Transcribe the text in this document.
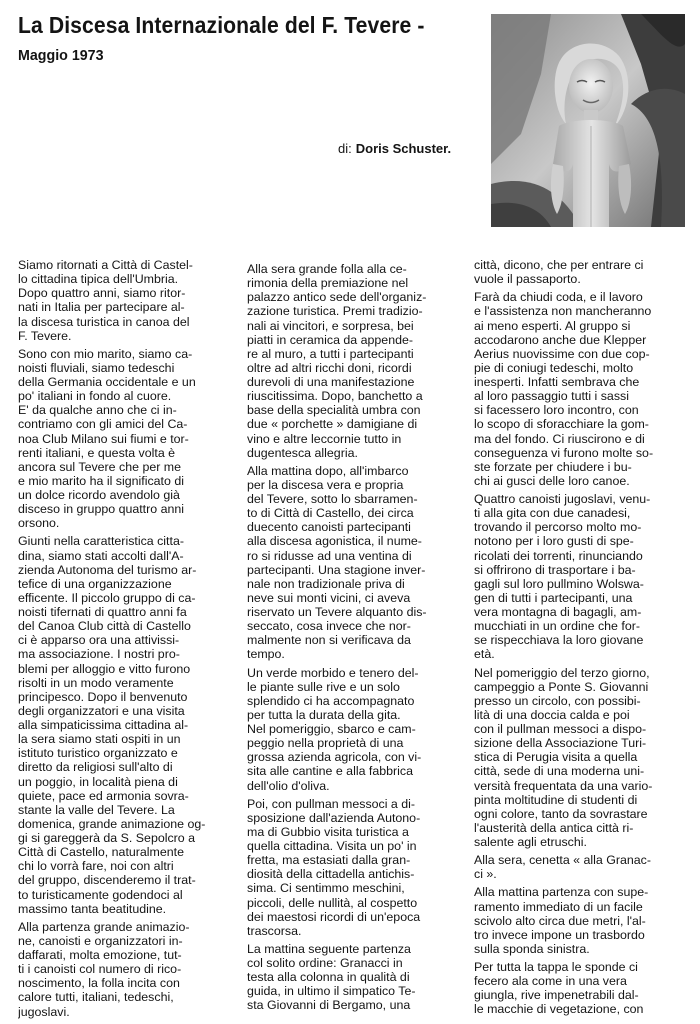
La Discesa Internazionale del F. Tevere -
Maggio 1973
di: Doris Schuster.
Siamo ritornati a Città di Castel-
lo cittadina tipica dell'Umbria.
Dopo quattro anni, siamo ritor-
nati in Italia per partecipare al-
la discesa turistica in canoa del
F. Tevere.
Sono con mio marito, siamo ca-
noisti fluviali, siamo tedeschi
della Germania occidentale e un
po' italiani in fondo al cuore.
E' da qualche anno che ci in-
contriamo con gli amici del Ca-
noa Club Milano sui fiumi e tor-
renti italiani, e questa volta è
ancora sul Tevere che per me
e mio marito ha il significato di
un dolce ricordo avendolo già
disceso in gruppo quattro anni
orsono.
Giunti nella caratteristica citta-
dina, siamo stati accolti dall'A-
zienda Autonoma del turismo ar-
tefice di una organizzazione
efficente. Il piccolo gruppo di ca-
noisti tifernati di quattro anni fa
del Canoa Club città di Castello
ci è apparso ora una attivissi-
ma associazione. I nostri pro-
blemi per alloggio e vitto furono
risolti in un modo veramente
principesco. Dopo il benvenuto
degli organizzatori e una visita
alla simpaticissima cittadina al-
la sera siamo stati ospiti in un
istituto turistico organizzato e
diretto da religiosi sull'alto di
un poggio, in località piena di
quiete, pace ed armonia sovra-
stante la valle del Tevere. La
domenica, grande animazione og-
gi si gareggerà da S. Sepolcro a
Città di Castello, naturalmente
chi lo vorrà fare, noi con altri
del gruppo, discenderemo il trat-
to turisticamente godendoci al
massimo tanta beatitudine.
Alla partenza grande animazio-
ne, canoisti e organizzatori in-
daffarati, molta emozione, tut-
ti i canoisti col numero di rico-
noscimento, la folla incita con
calore tutti, italiani, tedeschi,
jugoslavi.
Alla sera grande folla alla ce-
rimonia della premiazione nel
palazzo antico sede dell'organiz-
zazione turistica. Premi tradizio-
nali ai vincitori, e sorpresa, bei
piatti in ceramica da appende-
re al muro, a tutti i partecipanti
oltre ad altri ricchi doni, ricordi
durevoli di una manifestazione
riuscitissima. Dopo, banchetto a
base della specialità umbra con
due « porchette » damigiane di
vino e altre leccornie tutto in
dugentesca allegria.
Alla mattina dopo, all'imbarco
per la discesa vera e propria
del Tevere, sotto lo sbarramen-
to di Città di Castello, dei circa
duecento canoisti partecipanti
alla discesa agonistica, il nume-
ro si ridusse ad una ventina di
partecipanti. Una stagione inver-
nale non tradizionale priva di
neve sui monti vicini, ci aveva
riservato un Tevere alquanto dis-
seccato, cosa invece che nor-
malmente non si verificava da
tempo.
Un verde morbido e tenero del-
le piante sulle rive e un solo
splendido ci ha accompagnato
per tutta la durata della gita.
Nel pomeriggio, sbarco e cam-
peggio nella proprietà di una
grossa azienda agricola, con vi-
sita alle cantine e alla fabbrica
dell'olio d'oliva.
Poi, con pullman messoci a di-
sposizione dall'azienda Autono-
ma di Gubbio visita turistica a
quella cittadina. Visita un po' in
fretta, ma estasiati dalla gran-
diosità della cittadella antichis-
sima. Ci sentimmo meschini,
piccoli, delle nullità, al cospetto
dei maestosi ricordi di un'epoca
trascorsa.
La mattina seguente partenza
col solito ordine: Granacci in
testa alla colonna in qualità di
guida, in ultimo il simpatico Te-
sta Giovanni di Bergamo, una
città, dicono, che per entrare ci
vuole il passaporto.
Farà da chiudi coda, e il lavoro
e l'assistenza non mancheranno
ai meno esperti. Al gruppo si
accodarono anche due Klepper
Aerius nuovissime con due cop-
pie di coniugi tedeschi, molto
inesperti. Infatti sembrava che
al loro passaggio tutti i sassi
si facessero loro incontro, con
lo scopo di sforacchiare la gom-
ma del fondo. Ci riuscirono e di
conseguenza vi furono molte so-
ste forzate per chiudere i bu-
chi ai gusci delle loro canoe.
Quattro canoisti jugoslavi, venu-
ti alla gita con due canadesi,
trovando il percorso molto mo-
notono per i loro gusti di spe-
ricolati dei torrenti, rinunciando
si offrirono di trasportare i ba-
gagli sul loro pullmino Wolswa-
gen di tutti i partecipanti, una
vera montagna di bagagli, am-
mucchiati in un ordine che for-
se rispecchiava la loro giovane
età.
Nel pomeriggio del terzo giorno,
campeggio a Ponte S. Giovanni
presso un circolo, con possibi-
lità di una doccia calda e poi
con il pullman messoci a dispo-
sizione della Associazione Turi-
stica di Perugia visita a quella
città, sede di una moderna uni-
versità frequentata da una vario-
pinta moltitudine di studenti di
ogni colore, tanto da sovrastare
l'austerità della antica città ri-
salente agli etruschi.
Alla sera, cenetta « alla Granac-
ci ».
Alla mattina partenza con supe-
ramento immediato di un facile
scivolo alto circa due metri, l'al-
tro invece impone un trasbordo
sulla sponda sinistra.
Per tutta la tappa le sponde ci
fecero ala come in una vera
giungla, rive impenetrabili dal-
le macchie di vegetazione, con
